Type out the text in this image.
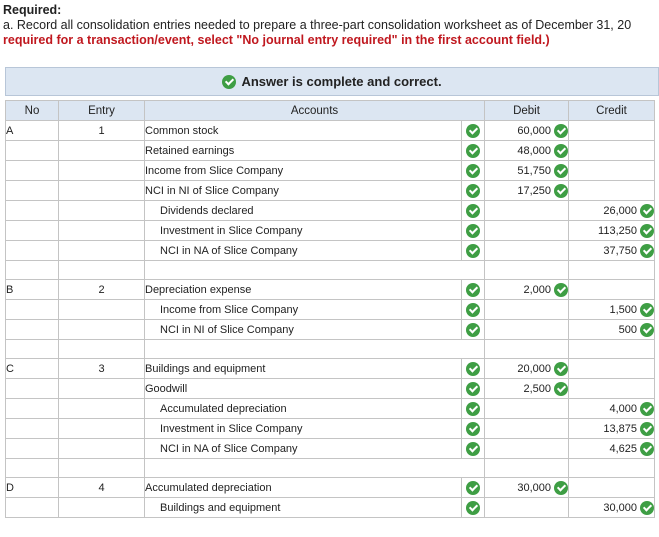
Required:
a. Record all consolidation entries needed to prepare a three-part consolidation worksheet as of December 31, 20
required for a transaction/event, select "No journal entry required" in the first account field.)
Answer is complete and correct.
No	Entry	Accounts		Debit	Credit
A	1	Common stock		60,000	

		Retained earnings		48,000	

		Income from Slice Company		51,750	

		NCI in NI of Slice Company		17,250	

		Dividends declared			26,000

		Investment in Slice Company			113,250

		NCI in NA of Slice Company			37,750

B	2	Depreciation expense		2,000	

		Income from Slice Company			1,500

		NCI in NI of Slice Company			500

C	3	Buildings and equipment		20,000	

		Goodwill		2,500	

		Accumulated depreciation			4,000

		Investment in Slice Company			13,875

		NCI in NA of Slice Company			4,625

D	4	Accumulated depreciation		30,000	

		Buildings and equipment			30,000
